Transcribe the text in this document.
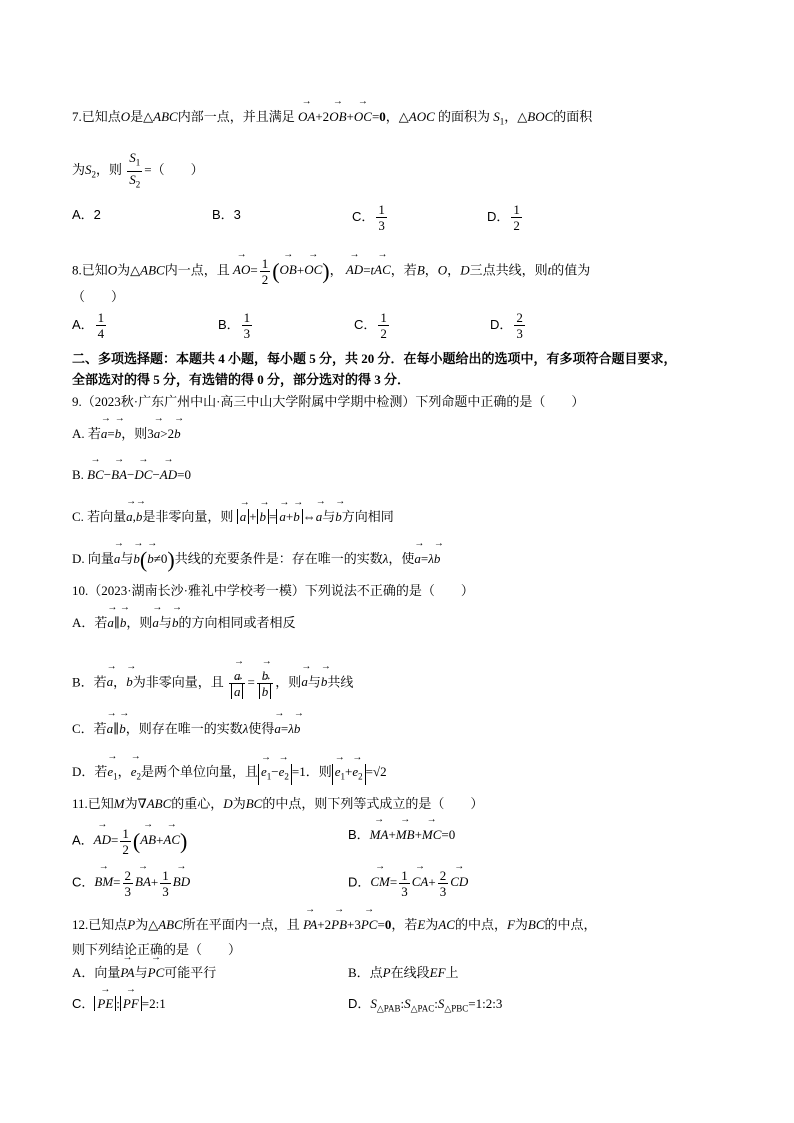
7.已知点O是△ABC内部一点，并且满足 → OA+2→ OB+→ OC=0，△AOC 的面积为 $S_1$，△BOC的面积
为$S_2$，则 $\frac{S_1}{S_2}$ =（　　）
A．2	B．3	C． $\frac{1}{3}$	D． $\frac{1}{2}$
8.已知O为△ABC内一点，且 → $AO= \frac{1}{2}$ (→ OB+→ OC)， → AD=t→ AC，若B，O，D三点共线，则t的值为
（　　）
A． $\frac{1}{4}$	B． $\frac{1}{3}$	C． $\frac{1}{2}$	D． $\frac{2}{3}$
二、多项选择题：本题共 4 小题，每小题 5 分，共 20 分．在每小题给出的选项中，有多项符合题目要求，
全部选对的得 5 分，有选错的得 0 分，部分选对的得 3 分．
9.（2023秋·广东广州中山·高三中山大学附属中学期中检测）下列命题中正确的是（　　）
A. 若→ a=→ b，则3→ a>2→ b
B. → BC−→ BA−→ DC−→ AD=0
C. 若向量→ a,→ b是非零向量，则 → a +→ b =→ a+→ b ⇔→ a与→ b方向相同
D. 向量→ a与→ b(→ b≠0)共线的充要条件是：存在唯一的实数λ，使→ a=λ→ b
10.（2023·湖南长沙·雅礼中学校考一模）下列说法不正确的是（　　）
A．若→ a∥→ b，则→ a与→ b的方向相同或者相反
B．若→ a，→ b为非零向量，且
→ a
→ a =
→ b
→ b ，则→ a与→ b共线
C．若→ a∥→ b，则存在唯一的实数λ使得→ a=λ→ b
D．若→ $e_1$，→ $e_2$是两个单位向量，且→ $e_1-\to e_2 =1$．则→ $e_1+\to e_2 =√2$
11.已知M为∇ABC的重心，D为BC的中点，则下列等式成立的是（　　）
A．→ $AD= \frac{1}{2}$ (→ AB+→ AC)	B．→ MA+→ MB+→ MC=0
C．→ $BM= \frac{2}{3}$
→ $BA+ \frac{1}{3}$
→ BD	D．→ $CM= \frac{1}{3}$
→ $CA+ \frac{2}{3}$
→ CD
12.已知点P为△ABC所在平面内一点，且 → PA+2→ PB+3→ PC=0，若E为AC的中点，F为BC的中点，
则下列结论正确的是（　　）
A．向量→ PA与→ PC可能平行	B．点P在线段EF上
C．→ PE :→ PF =2:1	D．$S_{\triangle PAB}:S_{\triangle PAC}:S_{\triangle PBC}=1:2:3$
